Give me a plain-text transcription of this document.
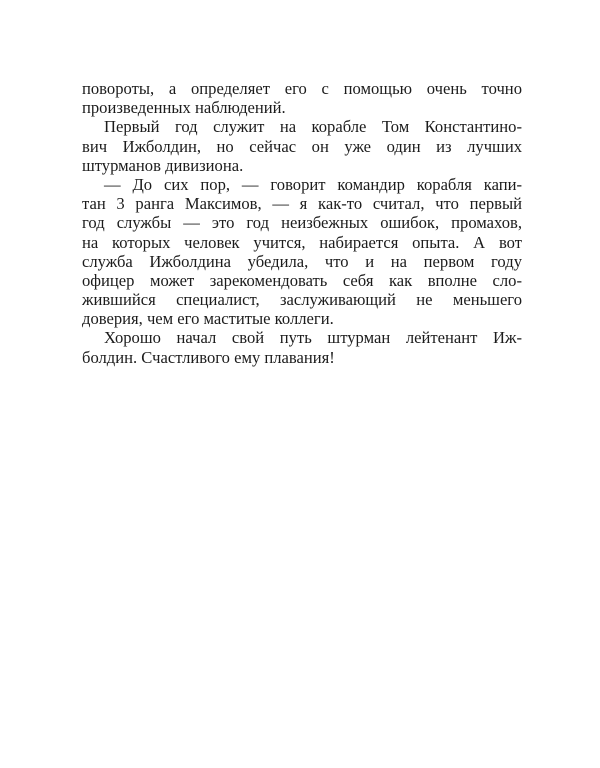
повороты, а определяет его с помощью очень точно
произведенных наблюдений.

Первый год служит на корабле Том Константино-
вич Ижболдин, но сейчас он уже один из лучших
штурманов дивизиона.

— До сих пор, — говорит командир корабля капи-
тан 3 ранга Максимов, — я как-то считал, что первый
год службы — это год неизбежных ошибок, промахов,
на которых человек учится, набирается опыта. А вот
служба Ижболдина убедила, что и на первом году
офицер может зарекомендовать себя как вполне сло-
жившийся специалист, заслуживающий не меньшего
доверия, чем его маститые коллеги.

Хорошо начал свой путь штурман лейтенант Иж-
болдин. Счастливого ему плавания!
